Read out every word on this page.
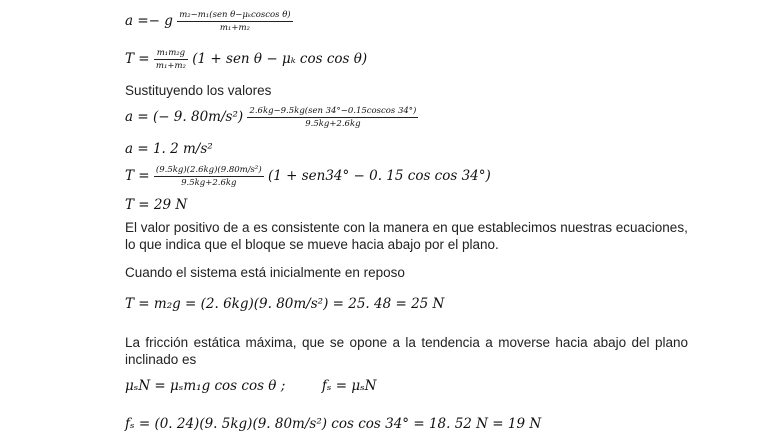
a =− g $\frac{\text{m₂−m₁(sen θ−μₖcoscos θ)}}{\text{m₁+m₂}}$
$T = \frac{\text{m₁m₂g}}{\text{m₁+m₂}} (1$ + sen θ − μₖ cos cos θ)
Sustituyendo los valores
a = (− 9. $80m/s^2) \frac{\text{2.6kg−9.5kg(sen 34°−0.15coscos 34°)}}{9.5kg+2.6kg}$
a = 1. 2 m/s²
$T = \frac{\text{(9.5kg)(2.6kg)(9.80m/s²)}}{9.5kg+2.6kg} (1 + sen34^\circ - 0$. 15 cos cos 34°)
T = 29 N
El valor positivo de a es consistente con la manera en que establecimos nuestras ecuaciones, lo que indica que el bloque se mueve hacia abajo por el plano.
Cuando el sistema está inicialmente en reposo
T = m₂g = (2. 6kg)(9. 80m/s²) = 25. 48 = 25 N
La fricción estática máxima, que se opone a la tendencia a moverse hacia abajo del plano inclinado es
μₛN = μₛm₁g cos cos θ ;	fₛ = μₛN
fₛ = (0. 24)(9. 5kg)(9. 80m/s²) cos cos 34° = 18. 52 N = 19 N
